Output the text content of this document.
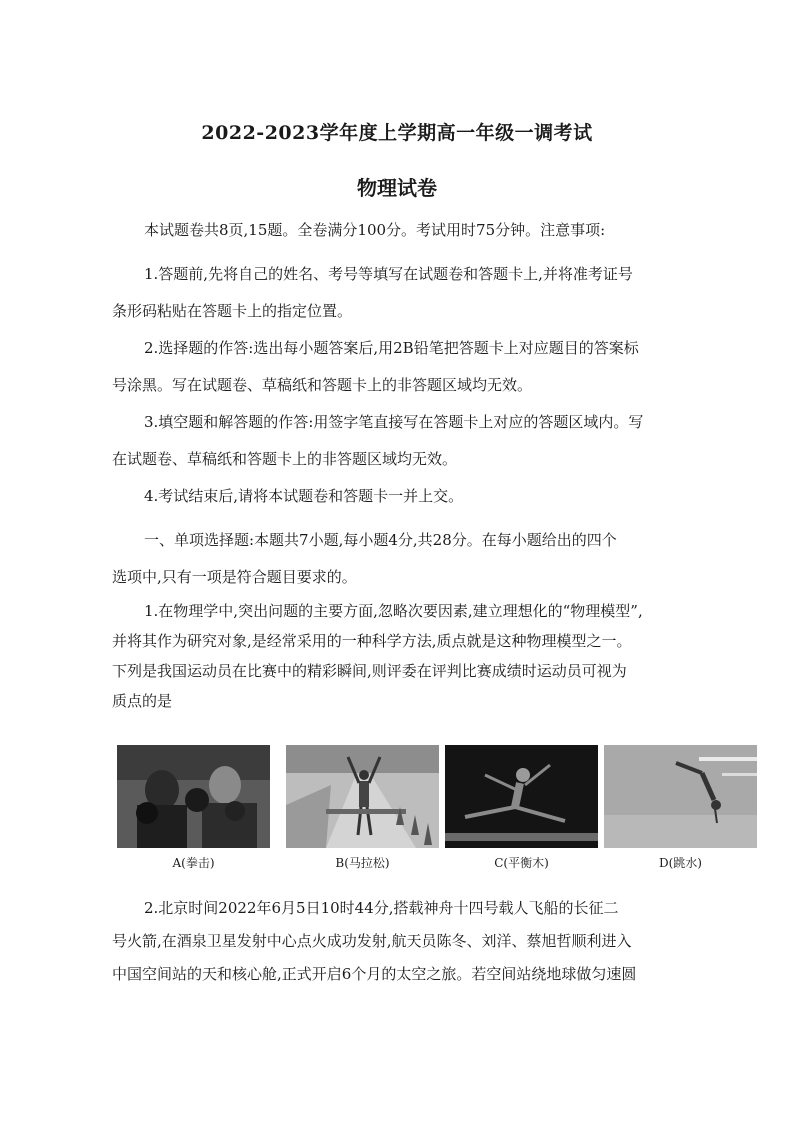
2022-2023学年度上学期高一年级一调考试
物理试卷

本试题卷共8页,15题。全卷满分100分。考试用时75分钟。注意事项:

1.答题前,先将自己的姓名、考号等填写在试题卷和答题卡上,并将准考证号
条形码粘贴在答题卡上的指定位置。

2.选择题的作答:选出每小题答案后,用2B铅笔把答题卡上对应题目的答案标
号涂黑。写在试题卷、草稿纸和答题卡上的非答题区域均无效。

3.填空题和解答题的作答:用签字笔直接写在答题卡上对应的答题区域内。写
在试题卷、草稿纸和答题卡上的非答题区域均无效。

4.考试结束后,请将本试题卷和答题卡一并上交。

一、单项选择题:本题共7小题,每小题4分,共28分。在每小题给出的四个
选项中,只有一项是符合题目要求的。

1.在物理学中,突出问题的主要方面,忽略次要因素,建立理想化的“物理模型”,
并将其作为研究对象,是经常采用的一种科学方法,质点就是这种物理模型之一。
下列是我国运动员在比赛中的精彩瞬间,则评委在评判比赛成绩时运动员可视为
质点的是

A(拳击)	B(马拉松)	C(平衡木)	D(跳水)

2.北京时间2022年6月5日10时44分,搭载神舟十四号载人飞船的长征二
号火箭,在酒泉卫星发射中心点火成功发射,航天员陈冬、刘洋、蔡旭哲顺利进入
中国空间站的天和核心舱,正式开启6个月的太空之旅。若空间站绕地球做匀速圆
